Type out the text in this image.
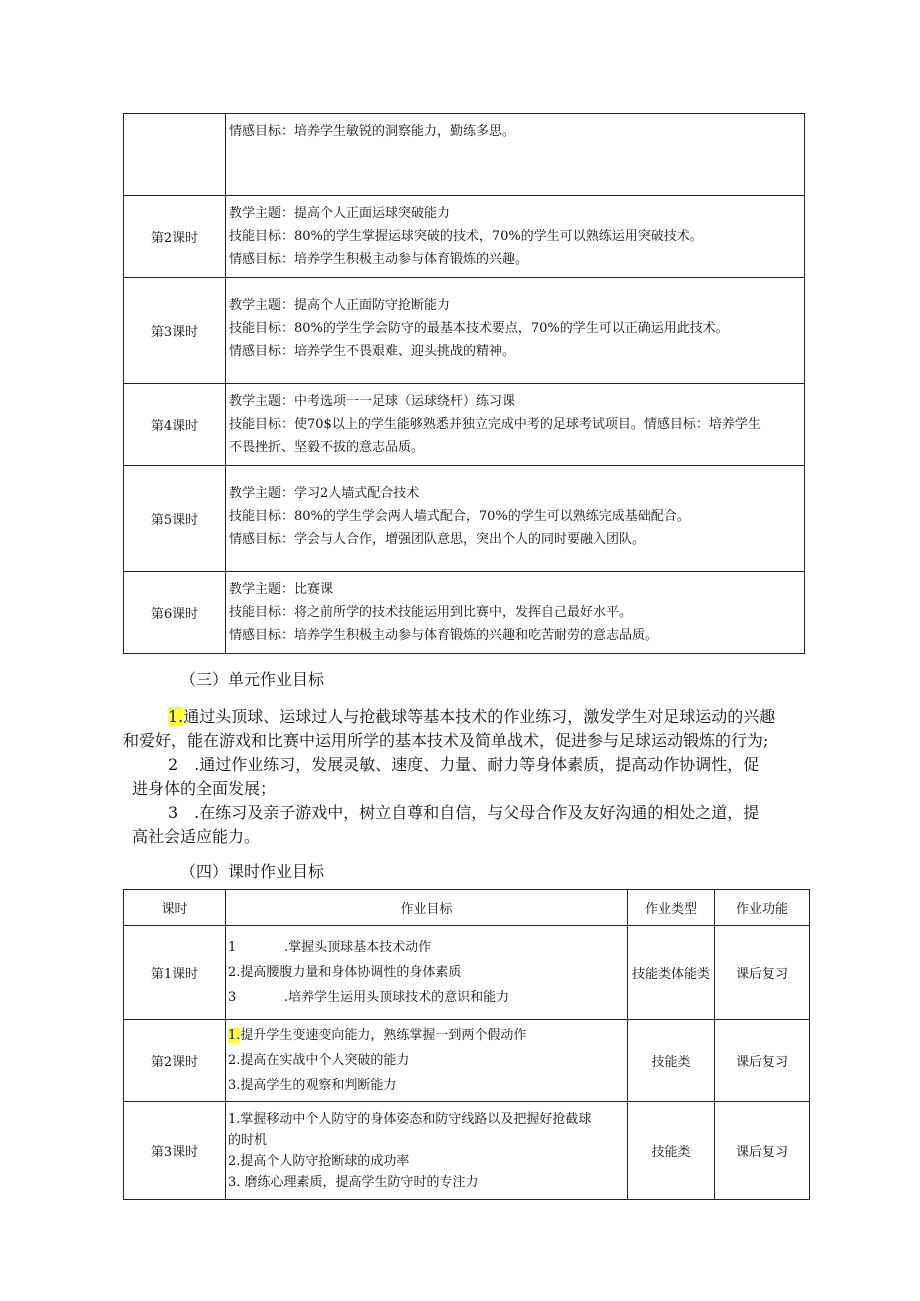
	情感目标：培养学生敏锐的洞察能力，勤练多思。

第2课时	教学主题：提高个人正面运球突破能力
技能目标：80%的学生掌握运球突破的技术，70%的学生可以熟练运用突破技术。
情感目标：培养学生积极主动参与体育锻炼的兴趣。

第3课时	教学主题：提高个人正面防守抢断能力
技能目标：80%的学生学会防守的最基本技术要点，70%的学生可以正确运用此技术。
情感目标：培养学生不畏艰难、迎头挑战的精神。

第4课时	教学主题：中考选项一一足球（运球绕杆）练习课
技能目标：使70$以上的学生能够熟悉并独立完成中考的足球考试项目。情感目标：培养学生
不畏挫折、坚毅不拔的意志品质。

第5课时	教学主题：学习2人墙式配合技术
技能目标：80%的学生学会两人墙式配合，70%的学生可以熟练完成基础配合。
情感目标：学会与人合作，增强团队意思，突出个人的同时要融入团队。

第6课时	教学主题：比赛课
技能目标：将之前所学的技术技能运用到比赛中，发挥自己最好水平。
情感目标：培养学生积极主动参与体育锻炼的兴趣和吃苦耐劳的意志品质。
（三）单元作业目标
1.通过头顶球、运球过人与抢截球等基本技术的作业练习，激发学生对足球运动的兴趣
和爱好，能在游戏和比赛中运用所学的基本技术及简单战术，促进参与足球运动锻炼的行为;
2　.通过作业练习，发展灵敏、速度、力量、耐力等身体素质，提高动作协调性，促
进身体的全面发展；
3　.在练习及亲子游戏中，树立自尊和自信，与父母合作及友好沟通的相处之道，提
高社会适应能力。
（四）课时作业目标
课时	作业目标	作业类型	作业功能
第1课时	1 .掌握头顶球基本技术动作
2.提高腰腹力量和身体协调性的身体素质
3 .培养学生运用头顶球技术的意识和能力	技能类体能类	课后复习
第2课时	1.提升学生变速变向能力，熟练掌握一到两个假动作
2.提高在实战中个人突破的能力
3.提高学生的观察和判断能力	技能类	课后复习
第3课时	1.掌握移动中个人防守的身体姿态和防守线路以及把握好抢截球
的时机
2.提高个人防守抢断球的成功率
3. 磨练心理素质，提高学生防守时的专注力	技能类	课后复习
